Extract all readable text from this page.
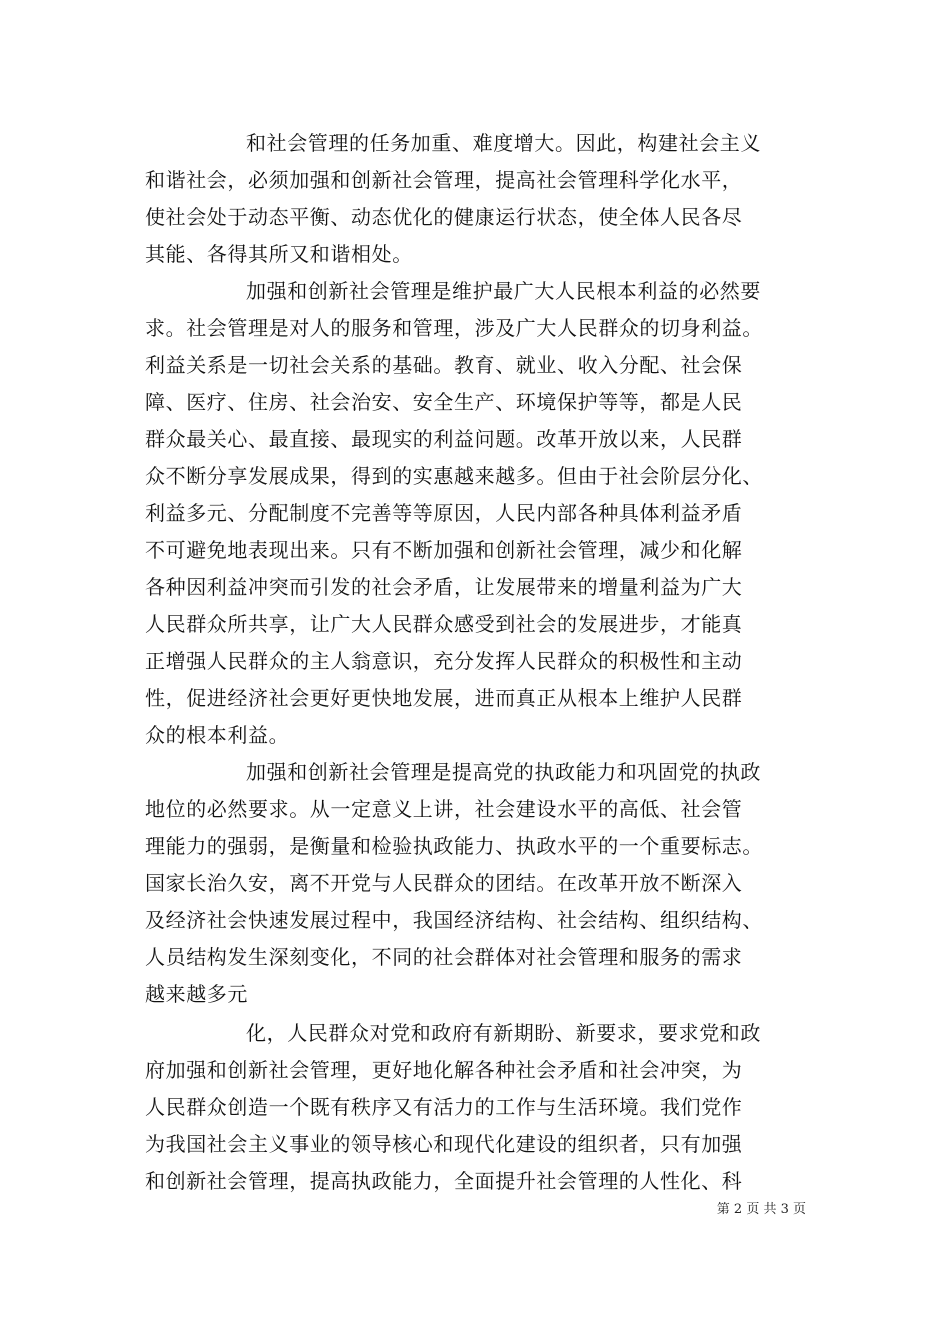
和社会管理的任务加重、难度增大。因此，构建社会主义
和谐社会，必须加强和创新社会管理，提高社会管理科学化水平，
使社会处于动态平衡、动态优化的健康运行状态，使全体人民各尽
其能、各得其所又和谐相处。
加强和创新社会管理是维护最广大人民根本利益的必然要
求。社会管理是对人的服务和管理，涉及广大人民群众的切身利益。
利益关系是一切社会关系的基础。教育、就业、收入分配、社会保
障、医疗、住房、社会治安、安全生产、环境保护等等，都是人民
群众最关心、最直接、最现实的利益问题。改革开放以来，人民群
众不断分享发展成果，得到的实惠越来越多。但由于社会阶层分化、
利益多元、分配制度不完善等等原因，人民内部各种具体利益矛盾
不可避免地表现出来。只有不断加强和创新社会管理，减少和化解
各种因利益冲突而引发的社会矛盾，让发展带来的增量利益为广大
人民群众所共享，让广大人民群众感受到社会的发展进步，才能真
正增强人民群众的主人翁意识，充分发挥人民群众的积极性和主动
性，促进经济社会更好更快地发展，进而真正从根本上维护人民群
众的根本利益。
加强和创新社会管理是提高党的执政能力和巩固党的执政
地位的必然要求。从一定意义上讲，社会建设水平的高低、社会管
理能力的强弱，是衡量和检验执政能力、执政水平的一个重要标志。
国家长治久安，离不开党与人民群众的团结。在改革开放不断深入
及经济社会快速发展过程中，我国经济结构、社会结构、组织结构、
人员结构发生深刻变化，不同的社会群体对社会管理和服务的需求
越来越多元
化，人民群众对党和政府有新期盼、新要求，要求党和政
府加强和创新社会管理，更好地化解各种社会矛盾和社会冲突，为
人民群众创造一个既有秩序又有活力的工作与生活环境。我们党作
为我国社会主义事业的领导核心和现代化建设的组织者，只有加强
和创新社会管理，提高执政能力，全面提升社会管理的人性化、科
第 2 页 共 3 页
